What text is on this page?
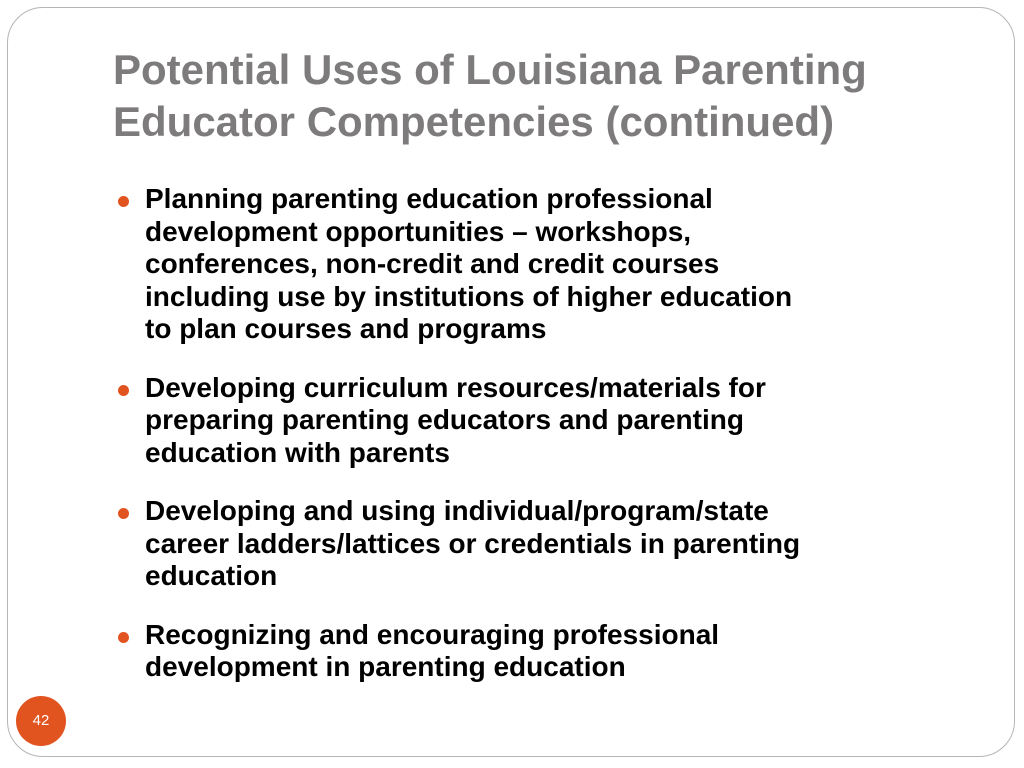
Potential Uses of Louisiana Parenting
Educator Competencies (continued)
Planning parenting education professional
development opportunities – workshops,
conferences, non-credit and credit courses
including use by institutions of higher education
to plan courses and programs
Developing curriculum resources/materials for
preparing parenting educators and parenting
education with parents
Developing and using individual/program/state
career ladders/lattices or credentials in parenting
education
Recognizing and encouraging professional
development in parenting education
42
